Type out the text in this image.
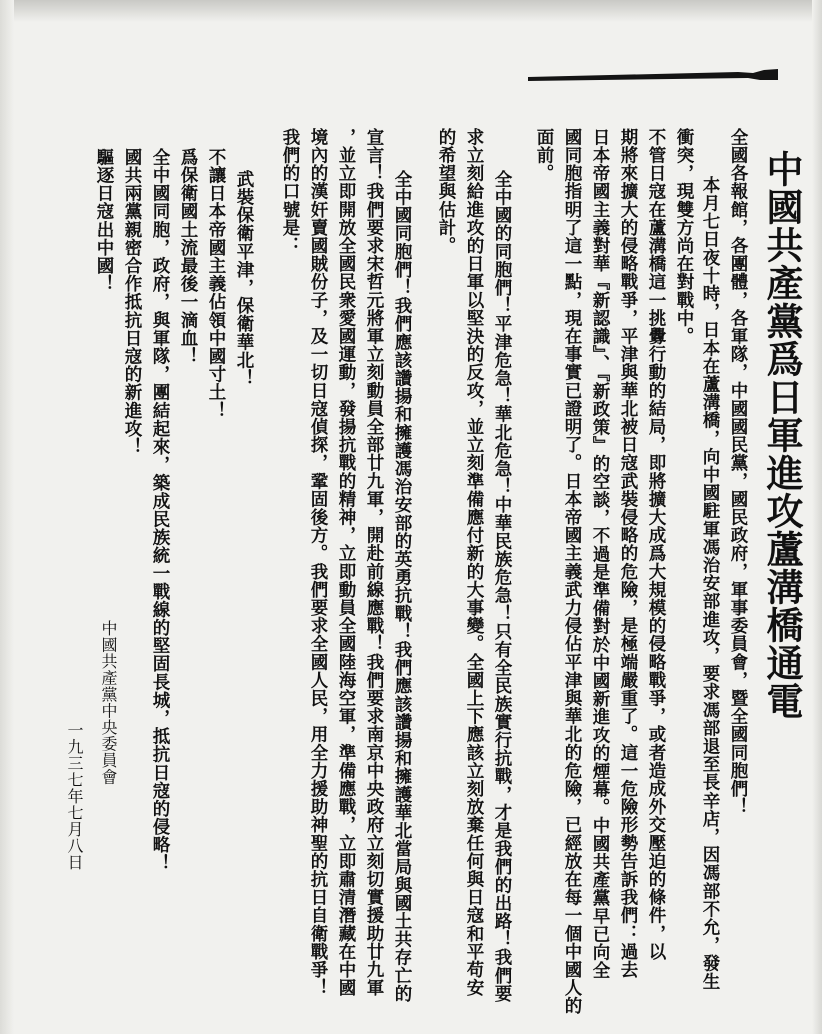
中國共產黨爲日軍進攻蘆溝橋通電
全國各報館，各團體，各軍隊，中國國民黨，國民政府，軍事委員會，暨全國同胞們！
本月七日夜十時，日本在蘆溝橋，向中國駐軍馮治安部進攻，要求馮部退至長辛店，因馮部不允，發生
衝突，現雙方尚在對戰中。
不管日寇在蘆溝橋這一挑釁行動的結局，即將擴大成爲大規模的侵略戰爭，或者造成外交壓迫的條件，以
期將來擴大的侵略戰爭，平津與華北被日寇武裝侵略的危險，是極端嚴重了。這一危險形勢告訴我們：過去
日本帝國主義對華『新認識』、『新政策』的空談，不過是準備對於中國新進攻的煙幕。中國共產黨早已向全
國同胞指明了這一點，現在事實已證明了。日本帝國主義武力侵佔平津與華北的危險，已經放在每一個中國人的
面前。
全中國的同胞們！平津危急！華北危急！中華民族危急！只有全民族實行抗戰，才是我們的出路！我們要
求立刻給進攻的日軍以堅決的反攻，並立刻準備應付新的大事變。全國上下應該立刻放棄任何與日寇和平苟安
的希望與估計。
全中國同胞們！我們應該讚揚和擁護馮治安部的英勇抗戰！我們應該讚揚和擁護華北當局與國土共存亡的
宣言！我們要求宋哲元將軍立刻動員全部廿九軍，開赴前線應戰！我們要求南京中央政府立刻切實援助廿九軍
，並立即開放全國民衆愛國運動，發揚抗戰的精神，立即動員全國陸海空軍，準備應戰，立即肅清潛藏在中國
境內的漢奸賣國賊份子，及一切日寇偵探，鞏固後方。我們要求全國人民，用全力援助神聖的抗日自衛戰爭！
我們的口號是：
武裝保衛平津，保衛華北！
不讓日本帝國主義佔領中國寸土！
爲保衛國土流最後一滴血！
全中國同胞，政府，與軍隊，團結起來，築成民族統一戰線的堅固長城，抵抗日寇的侵略！
國共兩黨親密合作抵抗日寇的新進攻！
驅逐日寇出中國！
中國共產黨中央委員會
一九三七年七月八日
